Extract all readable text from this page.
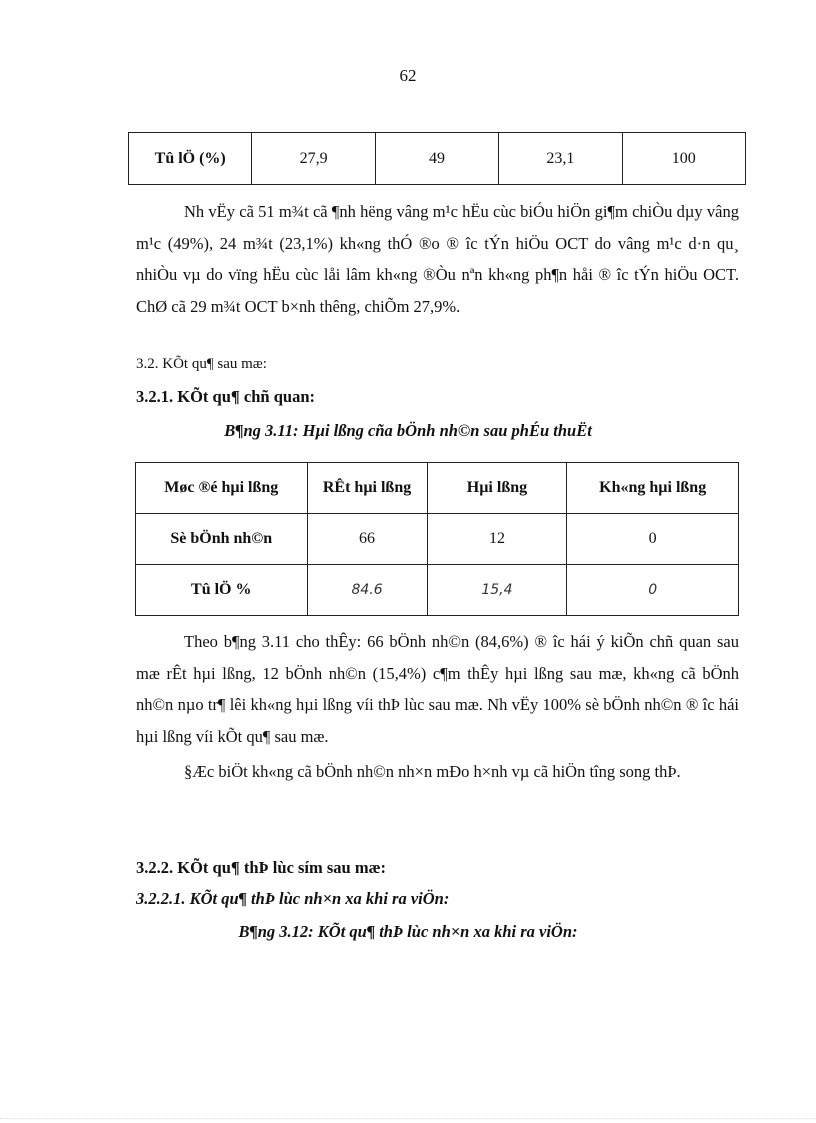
62
Tû lÖ (%)	27,9	49	23,1	100
Nh vËy cã 51 m¾t cã ¶nh hëng vâng m¹c hËu cùc biÓu hiÖn gi¶m chiÒu dµy vâng m¹c (49%), 24 m¾t (23,1%) kh«ng thÓ ®o ® îc tÝn hiÖu OCT do vâng m¹c d·n qu¸ nhiÒu vµ do vïng hËu cùc låi lâm kh«ng ®Òu nªn kh«ng ph¶n håi ® îc tÝn hiÖu OCT. ChØ cã 29 m¾t OCT b×nh thêng, chiÕm 27,9%.
3.2. KÕt qu¶ sau mæ:
3.2.1. KÕt qu¶ chñ quan:
B¶ng 3.11: Hµi lßng cña bÖnh nh©n sau phÉu thuËt
Møc ®é hµi lßng	RÊt hµi lßng	Hµi lßng	Kh«ng hµi lßng
Sè bÖnh nh©n	66	12	0
Tû lÖ %	84.6	15,4	0
Theo b¶ng 3.11 cho thÊy: 66 bÖnh nh©n (84,6%) ® îc hái ý kiÕn chñ quan sau mæ rÊt hµi lßng, 12 bÖnh nh©n (15,4%) c¶m thÊy hµi lßng sau mæ, kh«ng cã bÖnh nh©n nµo tr¶ lêi kh«ng hµi lßng víi thÞ lùc sau mæ. Nh vËy 100% sè bÖnh nh©n ® îc hái hµi lßng víi kÕt qu¶ sau mæ.
§Æc biÖt kh«ng cã bÖnh nh©n nh×n mÐo h×nh vµ cã hiÖn tîng song thÞ.
3.2.2. KÕt qu¶ thÞ lùc sím sau mæ:
3.2.2.1. KÕt qu¶ thÞ lùc nh×n xa khi ra viÖn:
B¶ng 3.12: KÕt qu¶ thÞ lùc nh×n xa khi ra viÖn:
